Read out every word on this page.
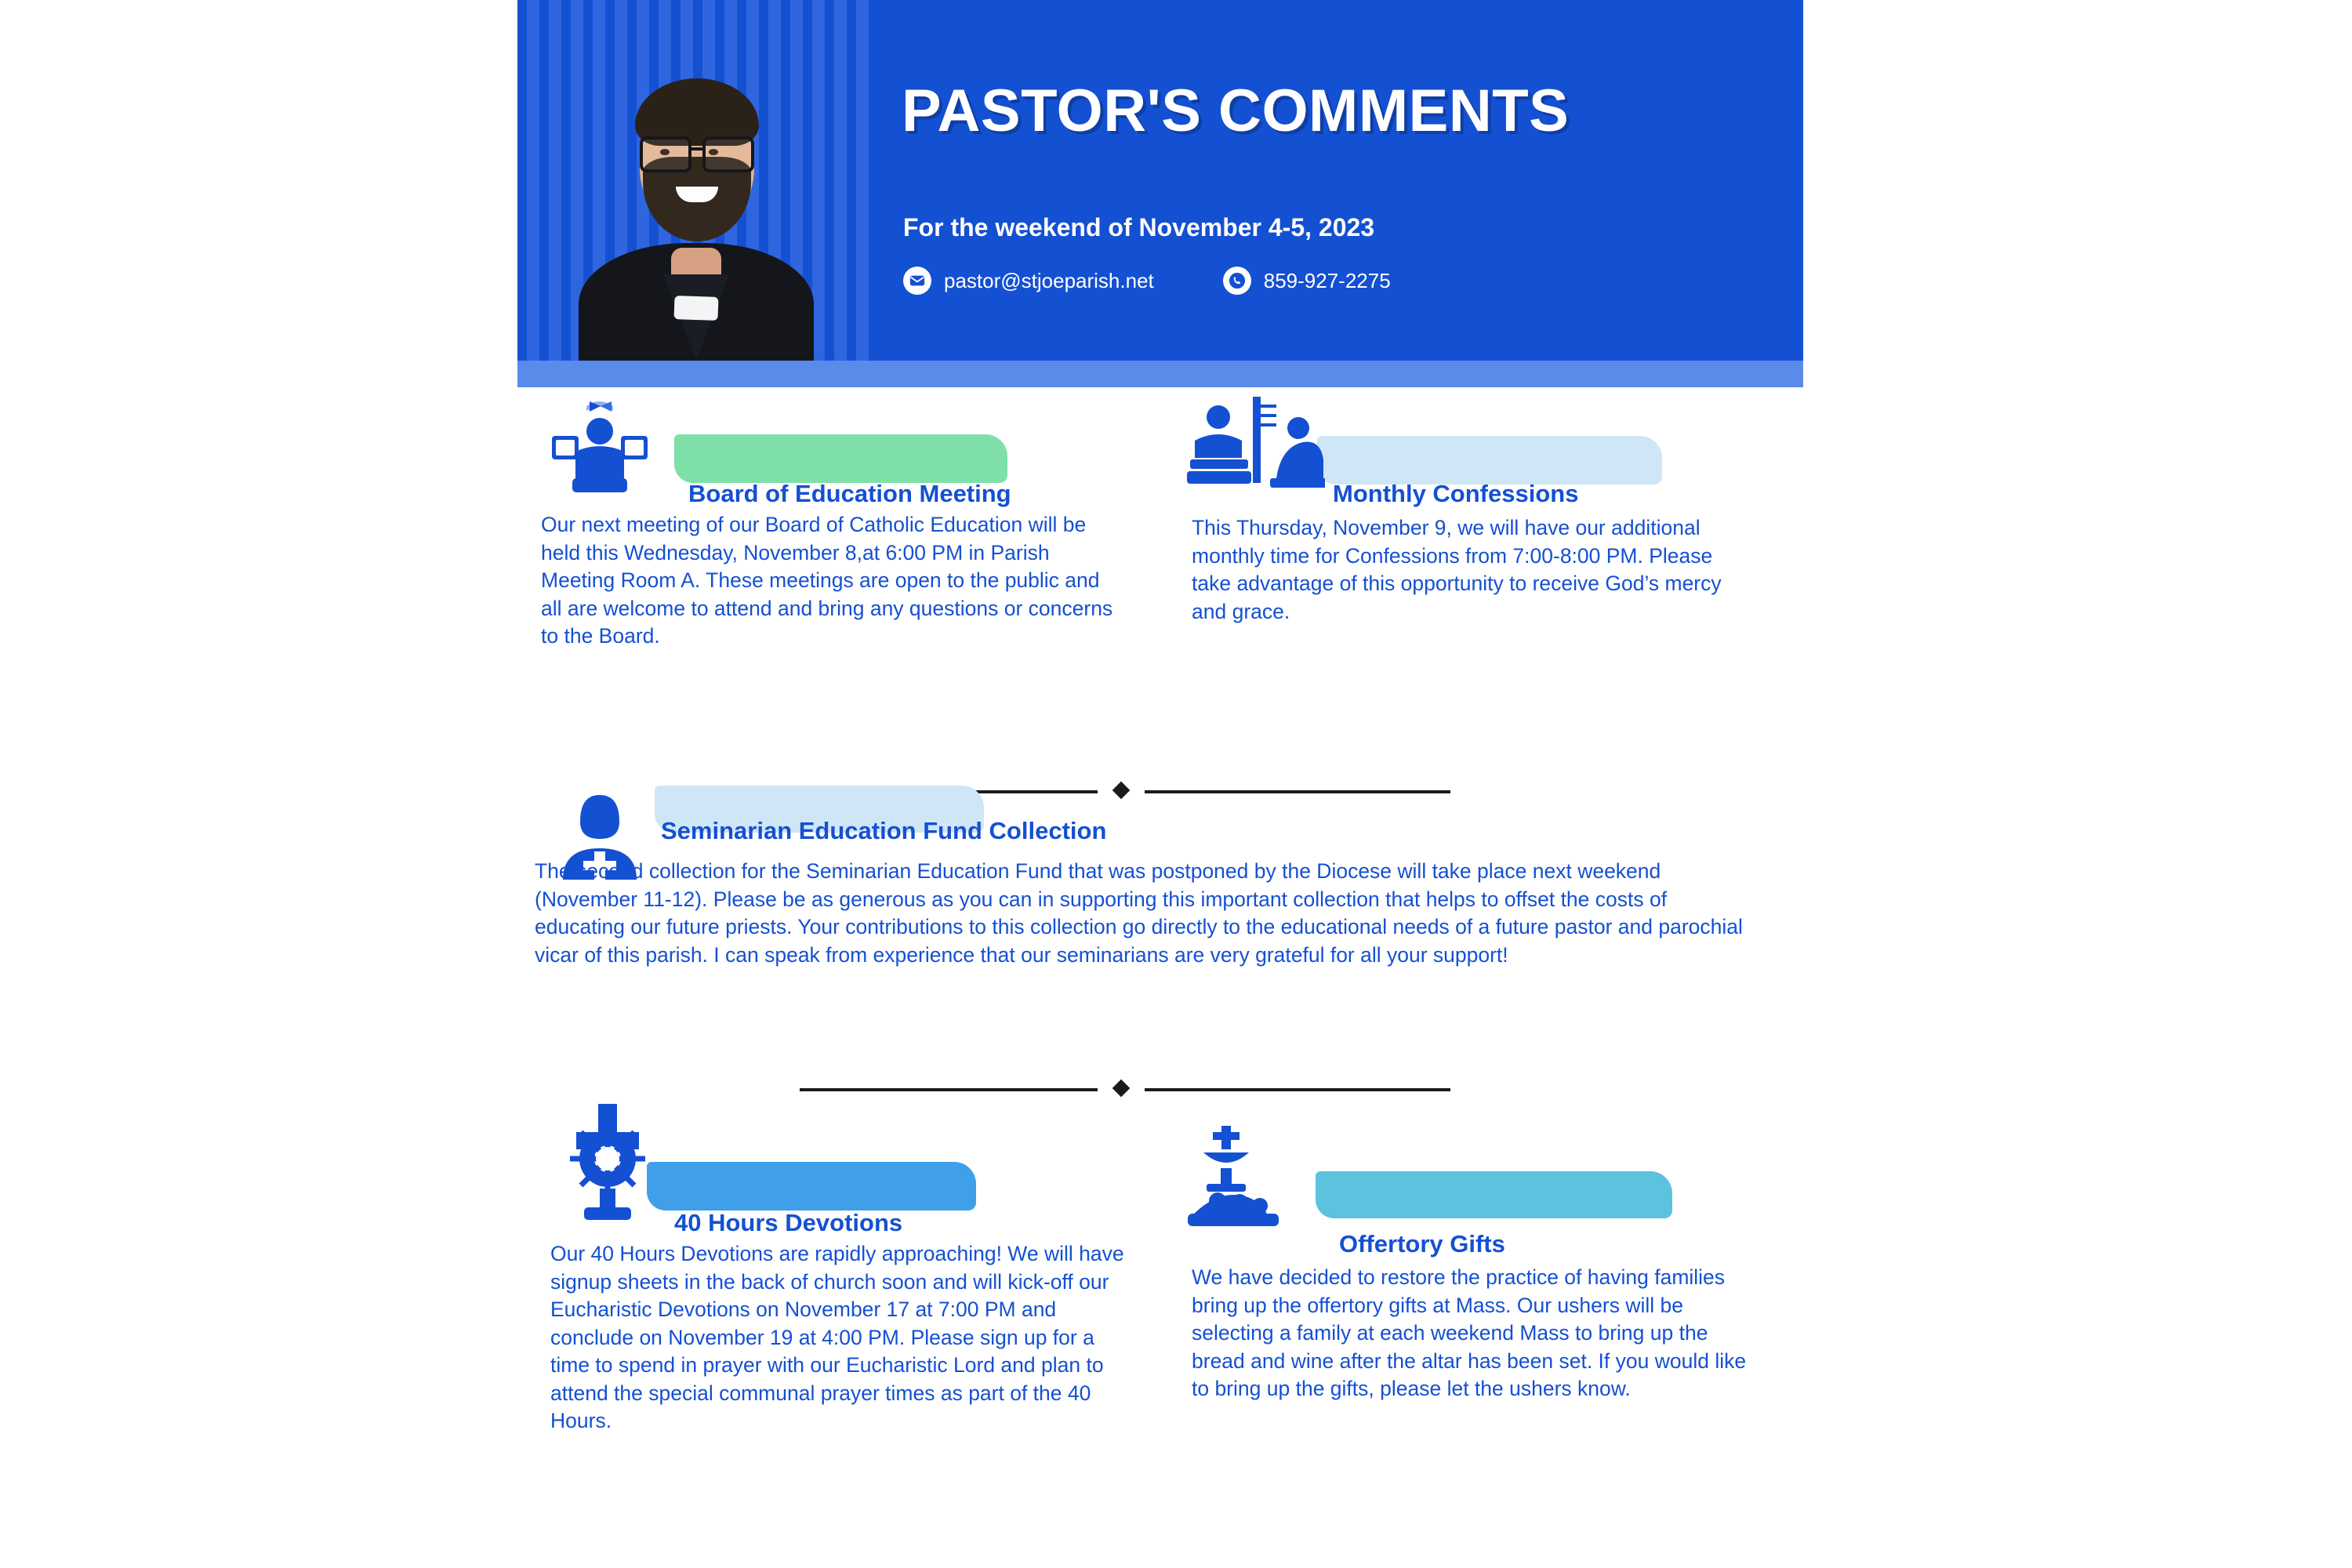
PASTOR'S COMMENTS
For the weekend of November 4-5, 2023
pastor@stjoeparish.net	859-927-2275
Board of Education Meeting
Our next meeting of our Board of Catholic Education will be held this Wednesday, November 8,at 6:00 PM in Parish Meeting Room A. These meetings are open to the public and all are welcome to attend and bring any questions or concerns to the Board.
Monthly Confessions
This Thursday, November 9, we will have our additional monthly time for Confessions from 7:00-8:00 PM. Please take advantage of this opportunity to receive God’s mercy and grace.
Seminarian Education Fund Collection
The second collection for the Seminarian Education Fund that was postponed by the Diocese will take place next weekend (November 11-12). Please be as generous as you can in supporting this important collection that helps to offset the costs of educating our future priests. Your contributions to this collection go directly to the educational needs of a future pastor and parochial vicar of this parish. I can speak from experience that our seminarians are very grateful for all your support!
40 Hours Devotions
Our 40 Hours Devotions are rapidly approaching! We will have signup sheets in the back of church soon and will kick-off our Eucharistic Devotions on November 17 at 7:00 PM and conclude on November 19 at 4:00 PM. Please sign up for a time to spend in prayer with our Eucharistic Lord and plan to attend the special communal prayer times as part of the 40 Hours.
Offertory Gifts
We have decided to restore the practice of having families bring up the offertory gifts at Mass. Our ushers will be selecting a family at each weekend Mass to bring up the bread and wine after the altar has been set. If you would like to bring up the gifts, please let the ushers know.
